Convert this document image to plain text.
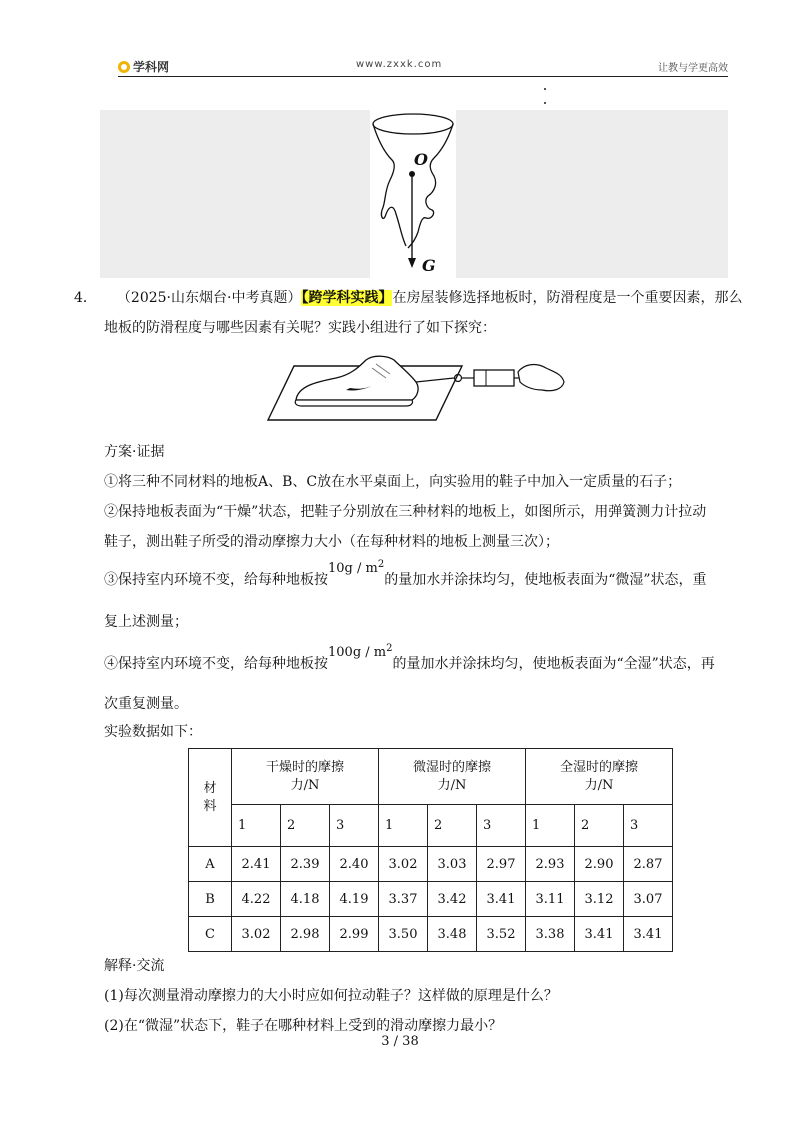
学科网	www.zxxk.com	让教与学更高效
O
G
4． （2025·山东烟台·中考真题）【跨学科实践】在房屋装修选择地板时，防滑程度是一个重要因素，那么
地板的防滑程度与哪些因素有关呢？实践小组进行了如下探究：
方案·证据
①将三种不同材料的地板A、B、C放在水平桌面上，向实验用的鞋子中加入一定质量的石子；
②保持地板表面为“干燥”状态，把鞋子分别放在三种材料的地板上，如图所示，用弹簧测力计拉动
鞋子，测出鞋子所受的滑动摩擦力大小（在每种材料的地板上测量三次）；
③保持室内环境不变，给每种地板按$10g / m^2$的量加水并涂抹均匀，使地板表面为“微湿”状态，重
复上述测量；
④保持室内环境不变，给每种地板按$100g / m^2$的量加水并涂抹均匀，使地板表面为“全湿”状态，再
次重复测量。
实验数据如下：
材料	干燥时的摩擦力/N			微湿时的摩擦力/N			全湿时的摩擦力/N		
	1	2	3	1	2	3	1	2	3
A	2.41	2.39	2.40	3.02	3.03	2.97	2.93	2.90	2.87
B	4.22	4.18	4.19	3.37	3.42	3.41	3.11	3.12	3.07
C	3.02	2.98	2.99	3.50	3.48	3.52	3.38	3.41	3.41
解释·交流
(1)每次测量滑动摩擦力的大小时应如何拉动鞋子？这样做的原理是什么？
(2)在“微湿”状态下，鞋子在哪种材料上受到的滑动摩擦力最小？
3 / 38
